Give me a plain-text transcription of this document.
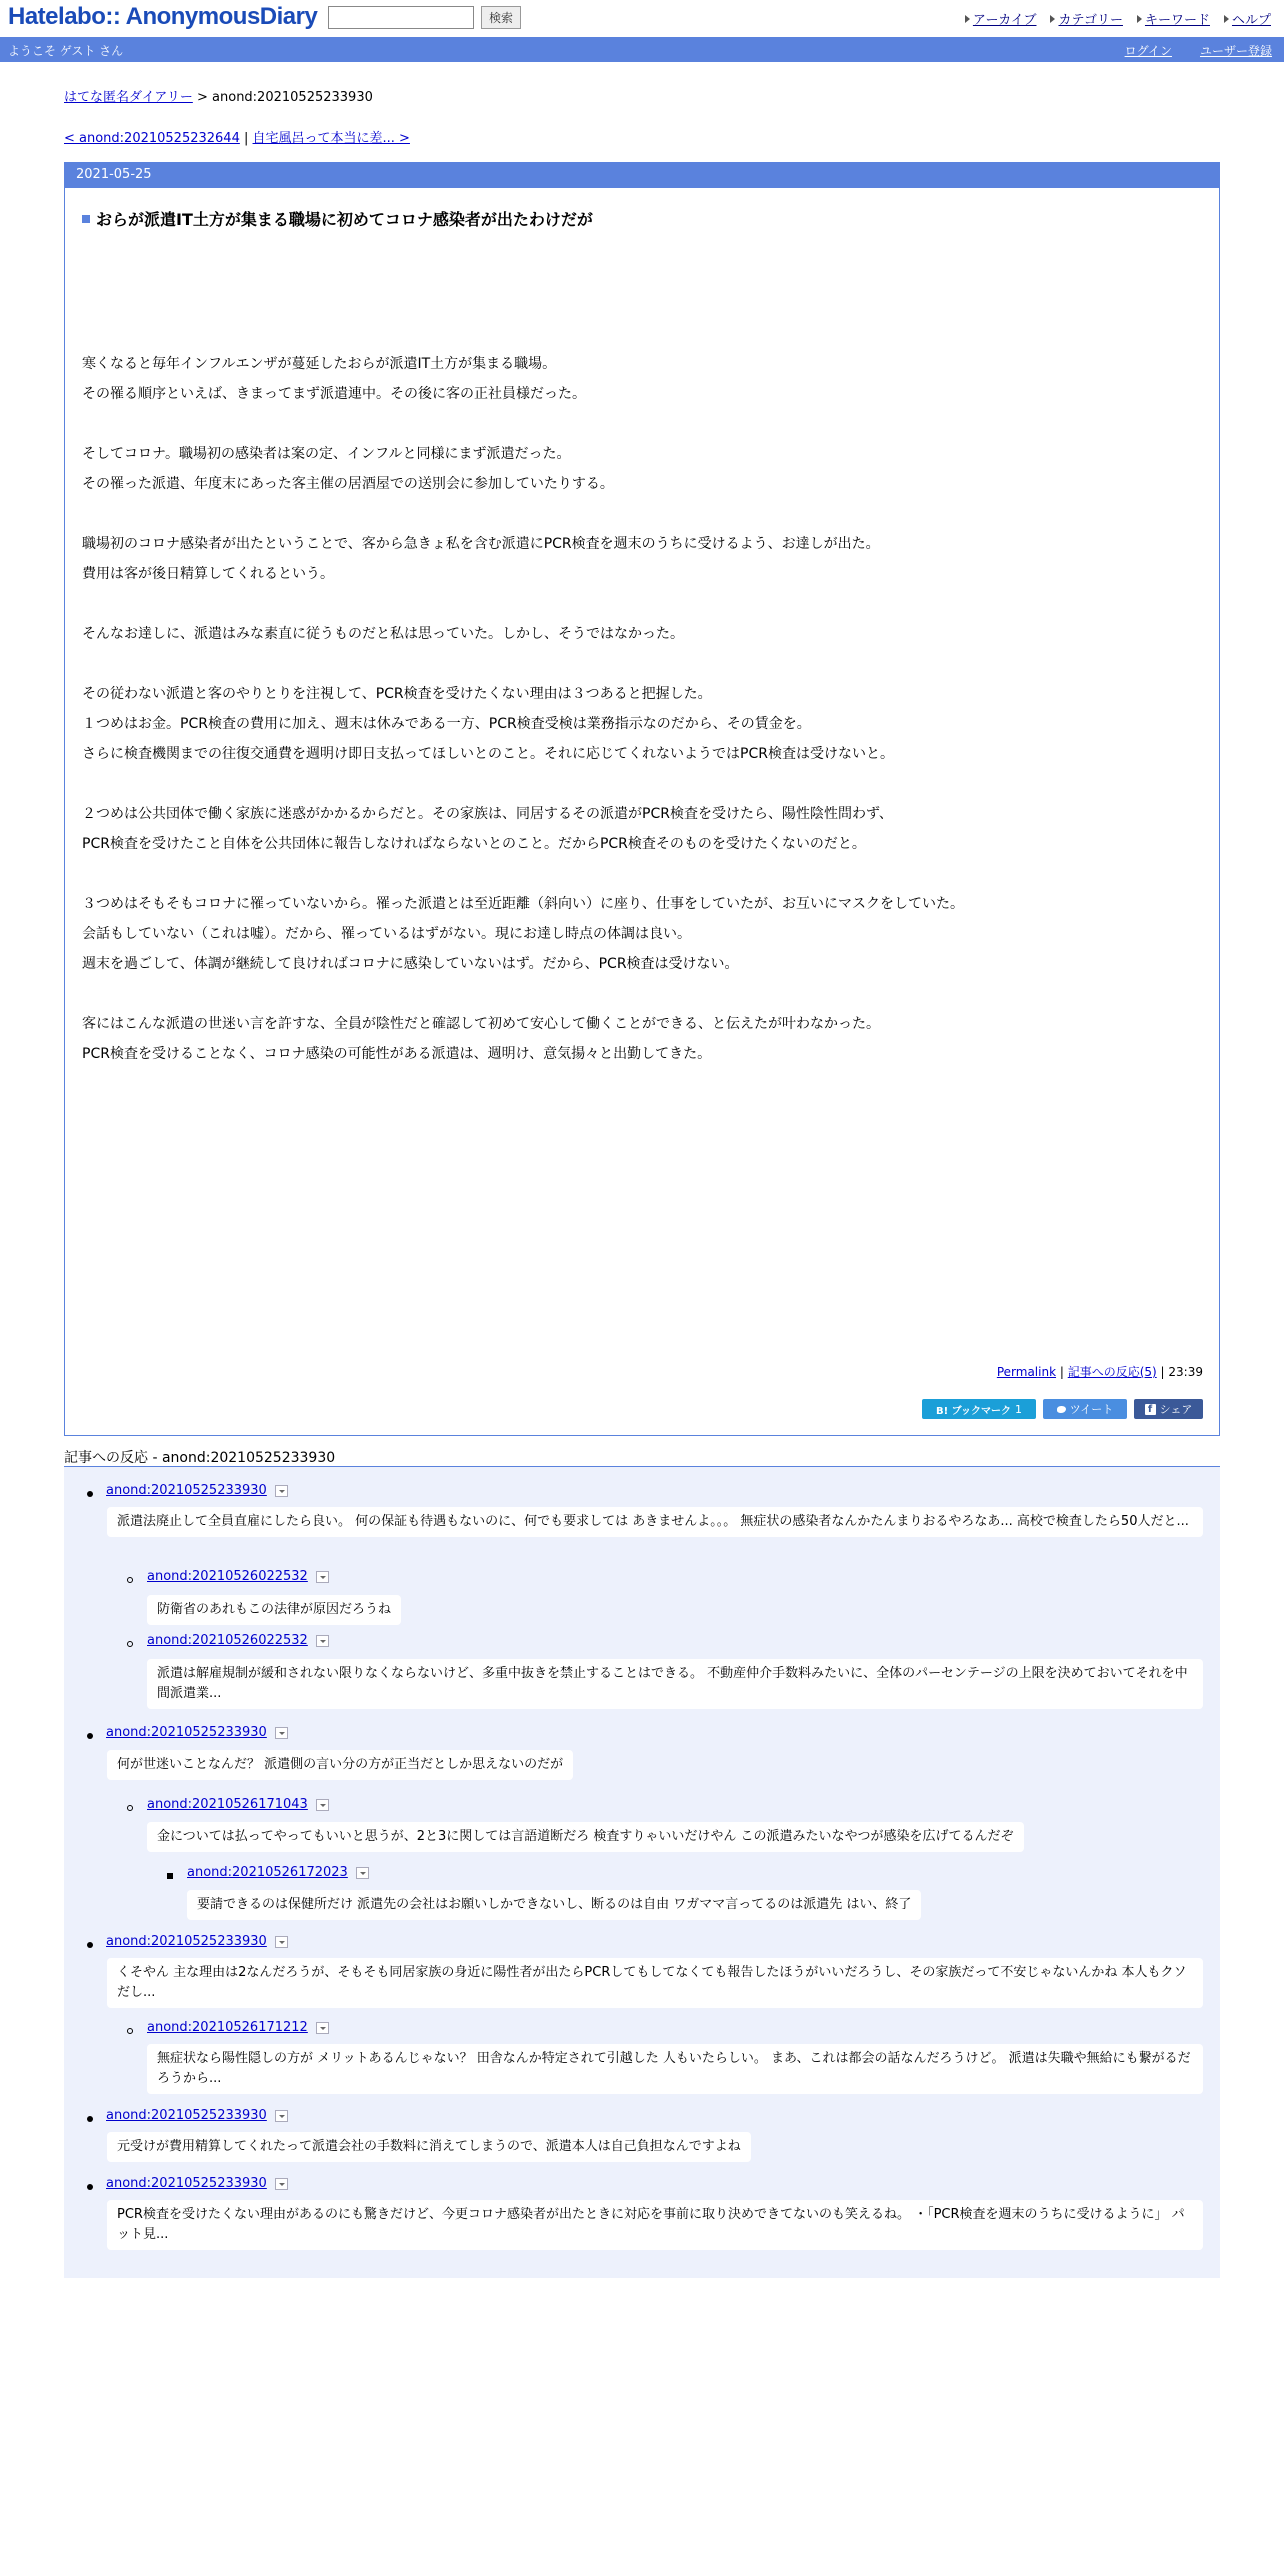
Hatelabo:: AnonymousDiary	検索	アーカイブ カテゴリー キーワード ヘルプ
ようこそ ゲスト さん	ログイン ユーザー登録
はてな匿名ダイアリー > anond:20210525233930
< anond:20210525232644 | 自宅風呂って本当に差... >
2021-05-25
おらが派遣IT土方が集まる職場に初めてコロナ感染者が出たわけだが

寒くなると毎年インフルエンザが蔓延したおらが派遣IT土方が集まる職場。
その罹る順序といえば、きまってまず派遣連中。その後に客の正社員様だった。

そしてコロナ。職場初の感染者は案の定、インフルと同様にまず派遣だった。
その罹った派遣、年度末にあった客主催の居酒屋での送別会に参加していたりする。

職場初のコロナ感染者が出たということで、客から急きょ私を含む派遣にPCR検査を週末のうちに受けるよう、お達しが出た。
費用は客が後日精算してくれるという。

そんなお達しに、派遣はみな素直に従うものだと私は思っていた。しかし、そうではなかった。

その従わない派遣と客のやりとりを注視して、PCR検査を受けたくない理由は３つあると把握した。
１つめはお金。PCR検査の費用に加え、週末は休みである一方、PCR検査受検は業務指示なのだから、その賃金を。
さらに検査機関までの往復交通費を週明け即日支払ってほしいとのこと。それに応じてくれないようではPCR検査は受けないと。

２つめは公共団体で働く家族に迷惑がかかるからだと。その家族は、同居するその派遣がPCR検査を受けたら、陽性陰性問わず、
PCR検査を受けたこと自体を公共団体に報告しなければならないとのこと。だからPCR検査そのものを受けたくないのだと。

３つめはそもそもコロナに罹っていないから。罹った派遣とは至近距離（斜向い）に座り、仕事をしていたが、お互いにマスクをしていた。
会話もしていない（これは嘘）。だから、罹っているはずがない。現にお達し時点の体調は良い。
週末を過ごして、体調が継続して良ければコロナに感染していないはず。だから、PCR検査は受けない。

客にはこんな派遣の世迷い言を許すな、全員が陰性だと確認して初めて安心して働くことができる、と伝えたが叶わなかった。
PCR検査を受けることなく、コロナ感染の可能性がある派遣は、週明け、意気揚々と出勤してきた。

Permalink | 記事への反応(5) | 23:39
B! ブックマーク 1	ツイート	f シェア
記事への反応 - anond:20210525233930
anond:20210525233930
派遣法廃止して全員直雇にしたら良い。 何の保証も待遇もないのに、何でも要求しては あきませんよ。。。 無症状の感染者なんかたんまりおるやろなあ... 高校で検査したら50人だと...
anond:20210526022532
防衛省のあれもこの法律が原因だろうね
anond:20210526022532
派遣は解雇規制が緩和されない限りなくならないけど、多重中抜きを禁止することはできる。 不動産仲介手数料みたいに、全体のパーセンテージの上限を決めておいてそれを中間派遣業...
anond:20210525233930
何が世迷いことなんだ？ 派遣側の言い分の方が正当だとしか思えないのだが
anond:20210526171043
金については払ってやってもいいと思うが、2と3に関しては言語道断だろ 検査すりゃいいだけやん この派遣みたいなやつが感染を広げてるんだぞ
anond:20210526172023
要請できるのは保健所だけ 派遣先の会社はお願いしかできないし、断るのは自由 ワガママ言ってるのは派遣先 はい、終了
anond:20210525233930
くそやん 主な理由は2なんだろうが、そもそも同居家族の身近に陽性者が出たらPCRしてもしてなくても報告したほうがいいだろうし、その家族だって不安じゃないんかね 本人もクソだし...
anond:20210526171212
無症状なら陽性隠しの方が メリットあるんじゃない？ 田舎なんか特定されて引越した 人もいたらしい。 まあ、これは都会の話なんだろうけど。 派遣は失職や無給にも繋がるだろうから...
anond:20210525233930
元受けが費用精算してくれたって派遣会社の手数料に消えてしまうので、派遣本人は自己負担なんですよね
anond:20210525233930
PCR検査を受けたくない理由があるのにも驚きだけど、今更コロナ感染者が出たときに対応を事前に取り決めできてないのも笑えるね。 ・「PCR検査を週末のうちに受けるように」 パット見...
